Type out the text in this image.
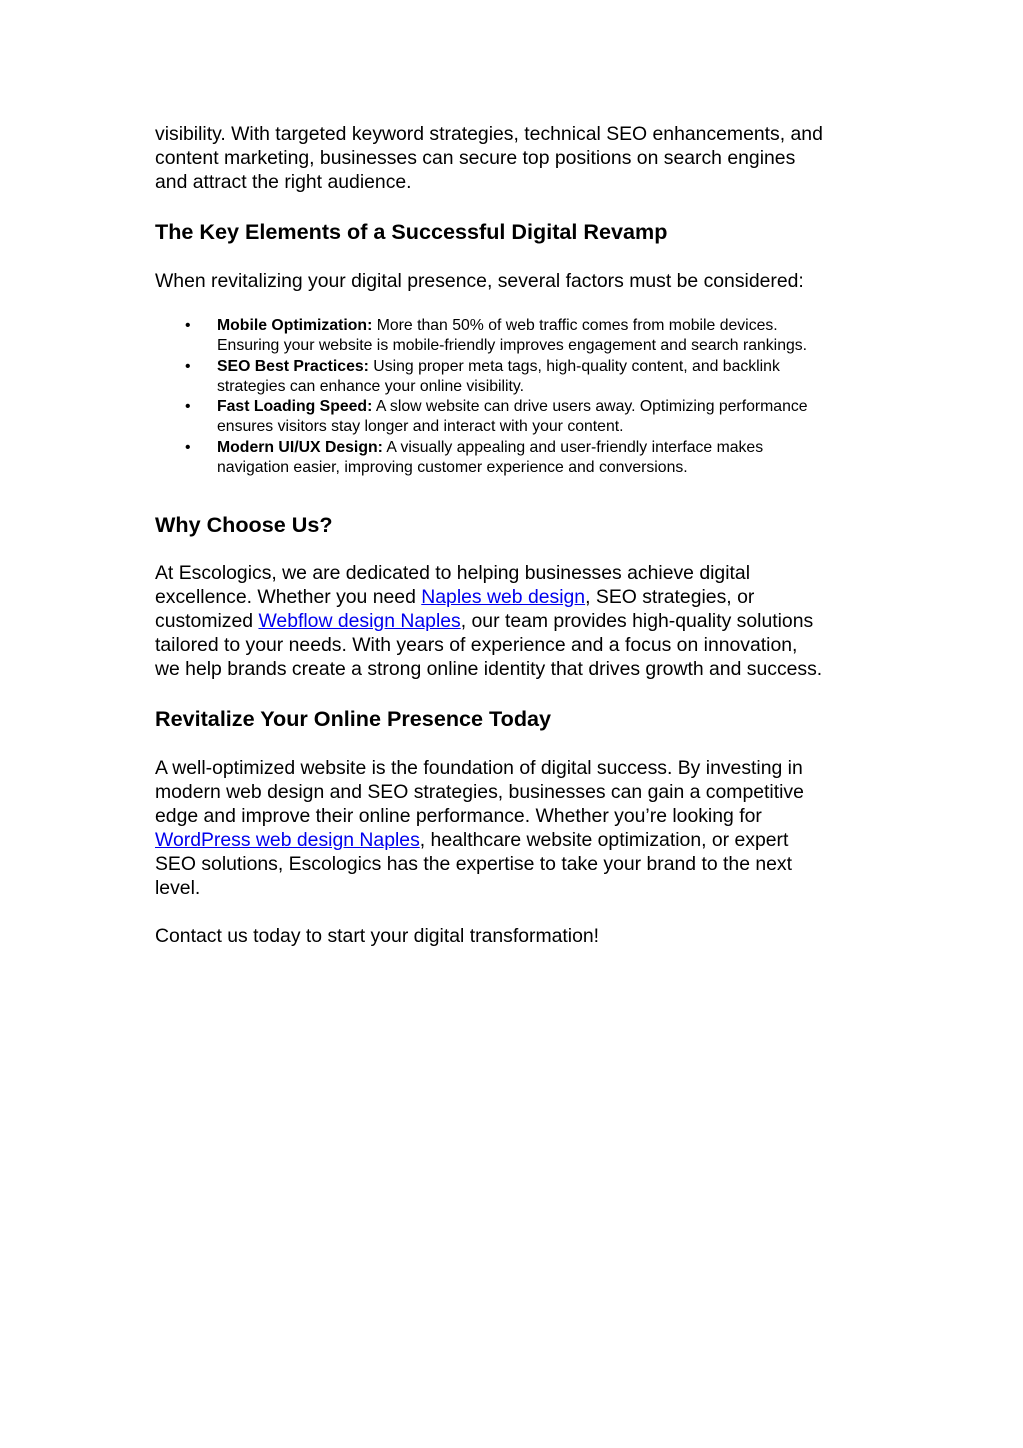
visibility. With targeted keyword strategies, technical SEO enhancements, and
content marketing, businesses can secure top positions on search engines
and attract the right audience.

The Key Elements of a Successful Digital Revamp

When revitalizing your digital presence, several factors must be considered:

• Mobile Optimization: More than 50% of web traffic comes from mobile devices.
Ensuring your website is mobile-friendly improves engagement and search rankings.
• SEO Best Practices: Using proper meta tags, high-quality content, and backlink
strategies can enhance your online visibility.
• Fast Loading Speed: A slow website can drive users away. Optimizing performance
ensures visitors stay longer and interact with your content.
• Modern UI/UX Design: A visually appealing and user-friendly interface makes
navigation easier, improving customer experience and conversions.
Why Choose Us?

At Escologics, we are dedicated to helping businesses achieve digital
excellence. Whether you need Naples web design, SEO strategies, or
customized Webflow design Naples, our team provides high-quality solutions
tailored to your needs. With years of experience and a focus on innovation,
we help brands create a strong online identity that drives growth and success.

Revitalize Your Online Presence Today

A well-optimized website is the foundation of digital success. By investing in
modern web design and SEO strategies, businesses can gain a competitive
edge and improve their online performance. Whether you’re looking for
WordPress web design Naples, healthcare website optimization, or expert
SEO solutions, Escologics has the expertise to take your brand to the next
level.

Contact us today to start your digital transformation!
